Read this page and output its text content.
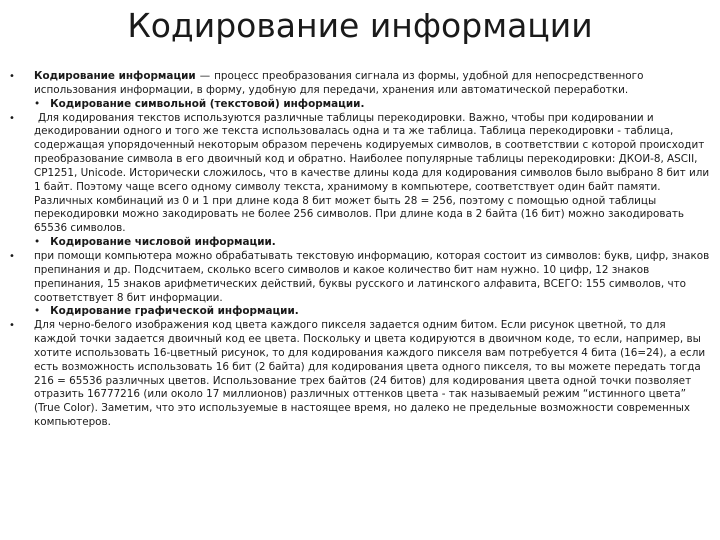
Кодирование информации
• Кодирование информации — процесс преобразования сигнала из формы, удобной для непосредственного использования информации, в форму, удобную для передачи, хранения или автоматической переработки.

• Кодирование символьной (текстовой) информации.

•	Для кодирования текстов используются различные таблицы перекодировки. Важно, чтобы при кодировании и декодировании одного и того же текста использовалась одна и та же таблица. Таблица перекодировки - таблица, содержащая упорядоченный некоторым образом перечень кодируемых символов, в соответствии с которой происходит преобразование символа в его двоичный код и обратно. Наиболее популярные таблицы перекодировки: ДКОИ-8, ASCII, CP1251, Unicode. Исторически сложилось, что в качестве длины кода для кодирования символов было выбрано 8 бит или 1 байт. Поэтому чаще всего одному символу текста, хранимому в компьютере, соответствует один байт памяти. Различных комбинаций из 0 и 1 при длине кода 8 бит может быть 28 = 256, поэтому с помощью одной таблицы перекодировки можно закодировать не более 256 символов. При длине кода в 2 байта (16 бит) можно закодировать 65536 символов.

• Кодирование числовой информации.

• при помощи компьютера можно обрабатывать текстовую информацию, которая состоит из символов: букв, цифр, знаков препинания и др. Подсчитаем, сколько всего символов и какое количество бит нам нужно. 10 цифр, 12 знаков препинания, 15 знаков арифметических действий, буквы русского и латинского алфавита, ВСЕГО: 155 символов, что соответствует 8 бит информации.

• Кодирование графической информации.

• Для черно-белого изображения код цвета каждого пикселя задается одним битом. Если рисунок цветной, то для каждой точки задается двоичный код ее цвета. Поскольку и цвета кодируются в двоичном коде, то если, например, вы хотите использовать 16-цветный рисунок, то для кодирования каждого пикселя вам потребуется 4 бита (16=24), а если есть возможность использовать 16 бит (2 байта) для кодирования цвета одного пикселя, то вы можете передать тогда 216 = 65536 различных цветов. Использование трех байтов (24 битов) для кодирования цвета одной точки позволяет отразить 16777216 (или около 17 миллионов) различных оттенков цвета - так называемый режим “истинного цвета” (True Color). Заметим, что это используемые в настоящее время, но далеко не предельные возможности современных компьютеров.
